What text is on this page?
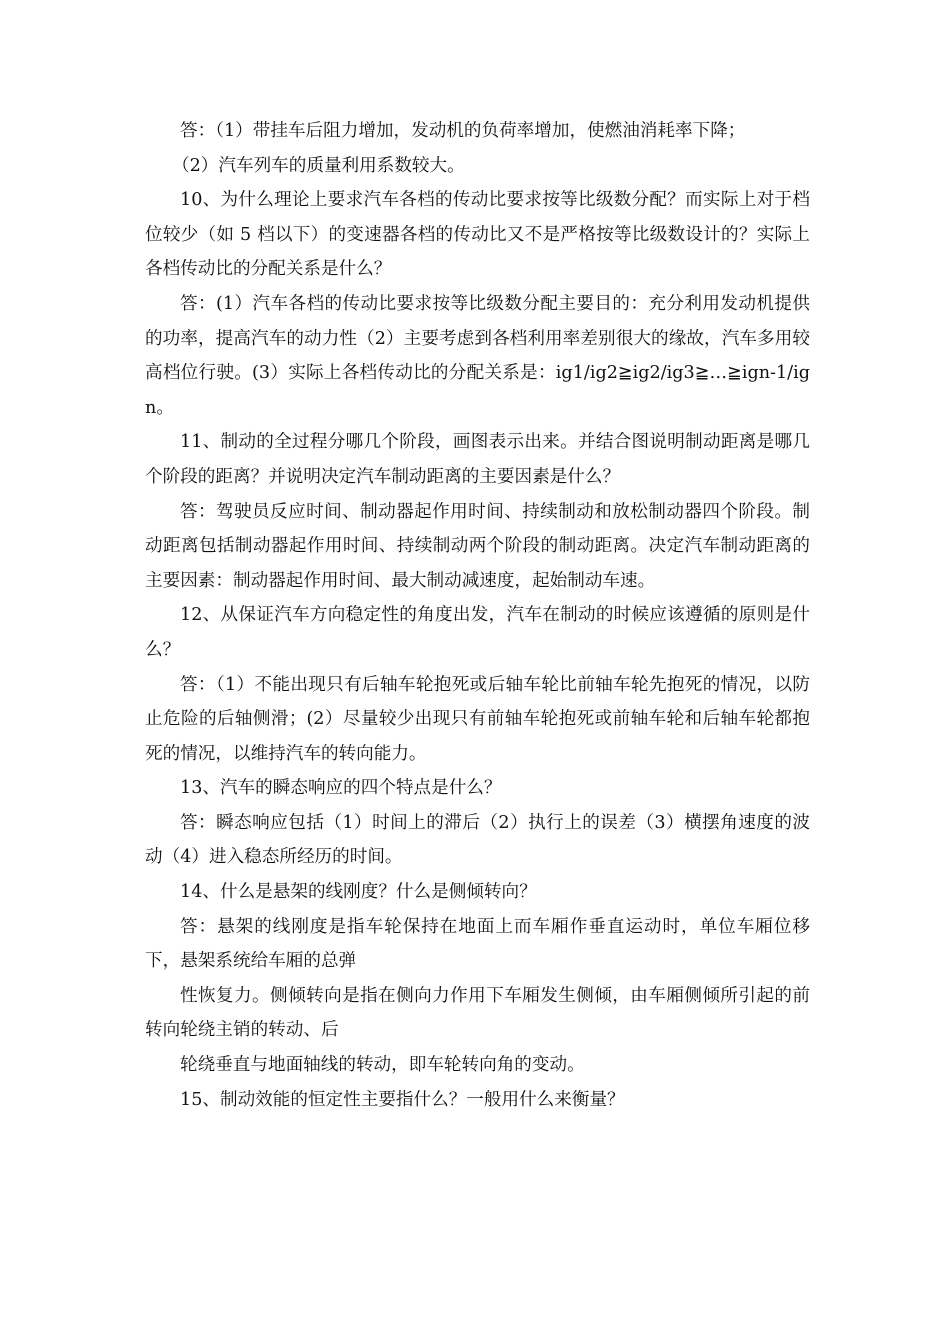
答：（1）带挂车后阻力增加，发动机的负荷率增加，使燃油消耗率下降；

（2）汽车列车的质量利用系数较大。

10、为什么理论上要求汽车各档的传动比要求按等比级数分配？而实际上对于档位较少（如 5 档以下）的变速器各档的传动比又不是严格按等比级数设计的？实际上各档传动比的分配关系是什么？

答：(1）汽车各档的传动比要求按等比级数分配主要目的：充分利用发动机提供的功率，提高汽车的动力性（2）主要考虑到各档利用率差别很大的缘故，汽车多用较高档位行驶。(3）实际上各档传动比的分配关系是：ig1/ig2≧ig2/ig3≧…≧ign-1/ign。

11、制动的全过程分哪几个阶段，画图表示出来。并结合图说明制动距离是哪几个阶段的距离？并说明决定汽车制动距离的主要因素是什么？

答：驾驶员反应时间、制动器起作用时间、持续制动和放松制动器四个阶段。制动距离包括制动器起作用时间、持续制动两个阶段的制动距离。决定汽车制动距离的主要因素：制动器起作用时间、最大制动减速度，起始制动车速。

12、从保证汽车方向稳定性的角度出发，汽车在制动的时候应该遵循的原则是什么？

答：（1）不能出现只有后轴车轮抱死或后轴车轮比前轴车轮先抱死的情况，以防止危险的后轴侧滑；(2）尽量较少出现只有前轴车轮抱死或前轴车轮和后轴车轮都抱死的情况，以维持汽车的转向能力。

13、汽车的瞬态响应的四个特点是什么？

答：瞬态响应包括（1）时间上的滞后（2）执行上的误差（3）横摆角速度的波动（4）进入稳态所经历的时间。

14、什么是悬架的线刚度？什么是侧倾转向？

答：悬架的线刚度是指车轮保持在地面上而车厢作垂直运动时，单位车厢位移下，悬架系统给车厢的总弹

性恢复力。侧倾转向是指在侧向力作用下车厢发生侧倾，由车厢侧倾所引起的前转向轮绕主销的转动、后

轮绕垂直与地面轴线的转动，即车轮转向角的变动。

15、制动效能的恒定性主要指什么？一般用什么来衡量？
